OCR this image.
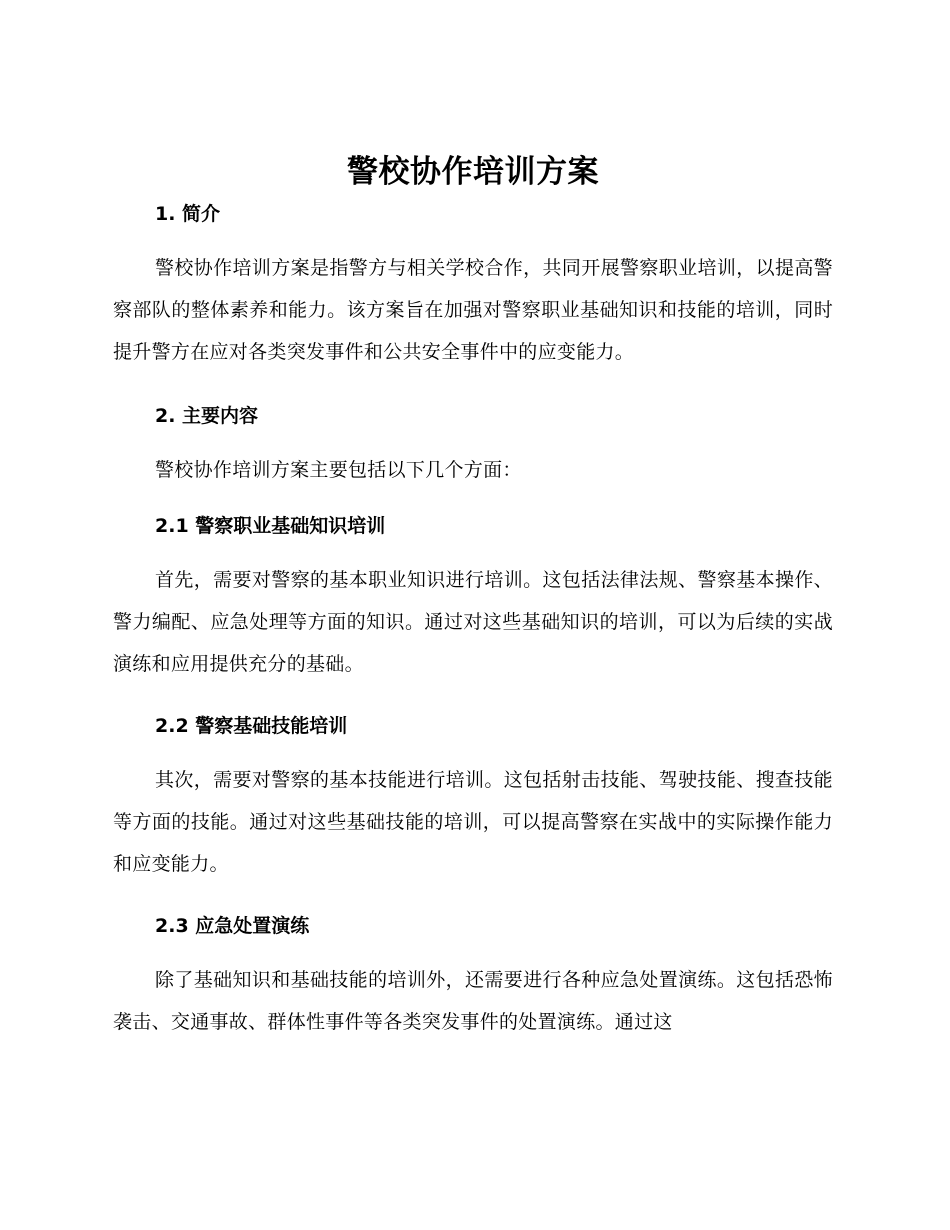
警校协作培训方案
1. 简介

警校协作培训方案是指警方与相关学校合作，共同开展警察职业培训，以提高警察部队的整体素养和能力。该方案旨在加强对警察职业基础知识和技能的培训，同时提升警方在应对各类突发事件和公共安全事件中的应变能力。

2. 主要内容

警校协作培训方案主要包括以下几个方面：

2.1 警察职业基础知识培训

首先，需要对警察的基本职业知识进行培训。这包括法律法规、警察基本操作、警力编配、应急处理等方面的知识。通过对这些基础知识的培训，可以为后续的实战演练和应用提供充分的基础。

2.2 警察基础技能培训

其次，需要对警察的基本技能进行培训。这包括射击技能、驾驶技能、搜查技能等方面的技能。通过对这些基础技能的培训，可以提高警察在实战中的实际操作能力和应变能力。

2.3 应急处置演练

除了基础知识和基础技能的培训外，还需要进行各种应急处置演练。这包括恐怖袭击、交通事故、群体性事件等各类突发事件的处置演练。通过这
